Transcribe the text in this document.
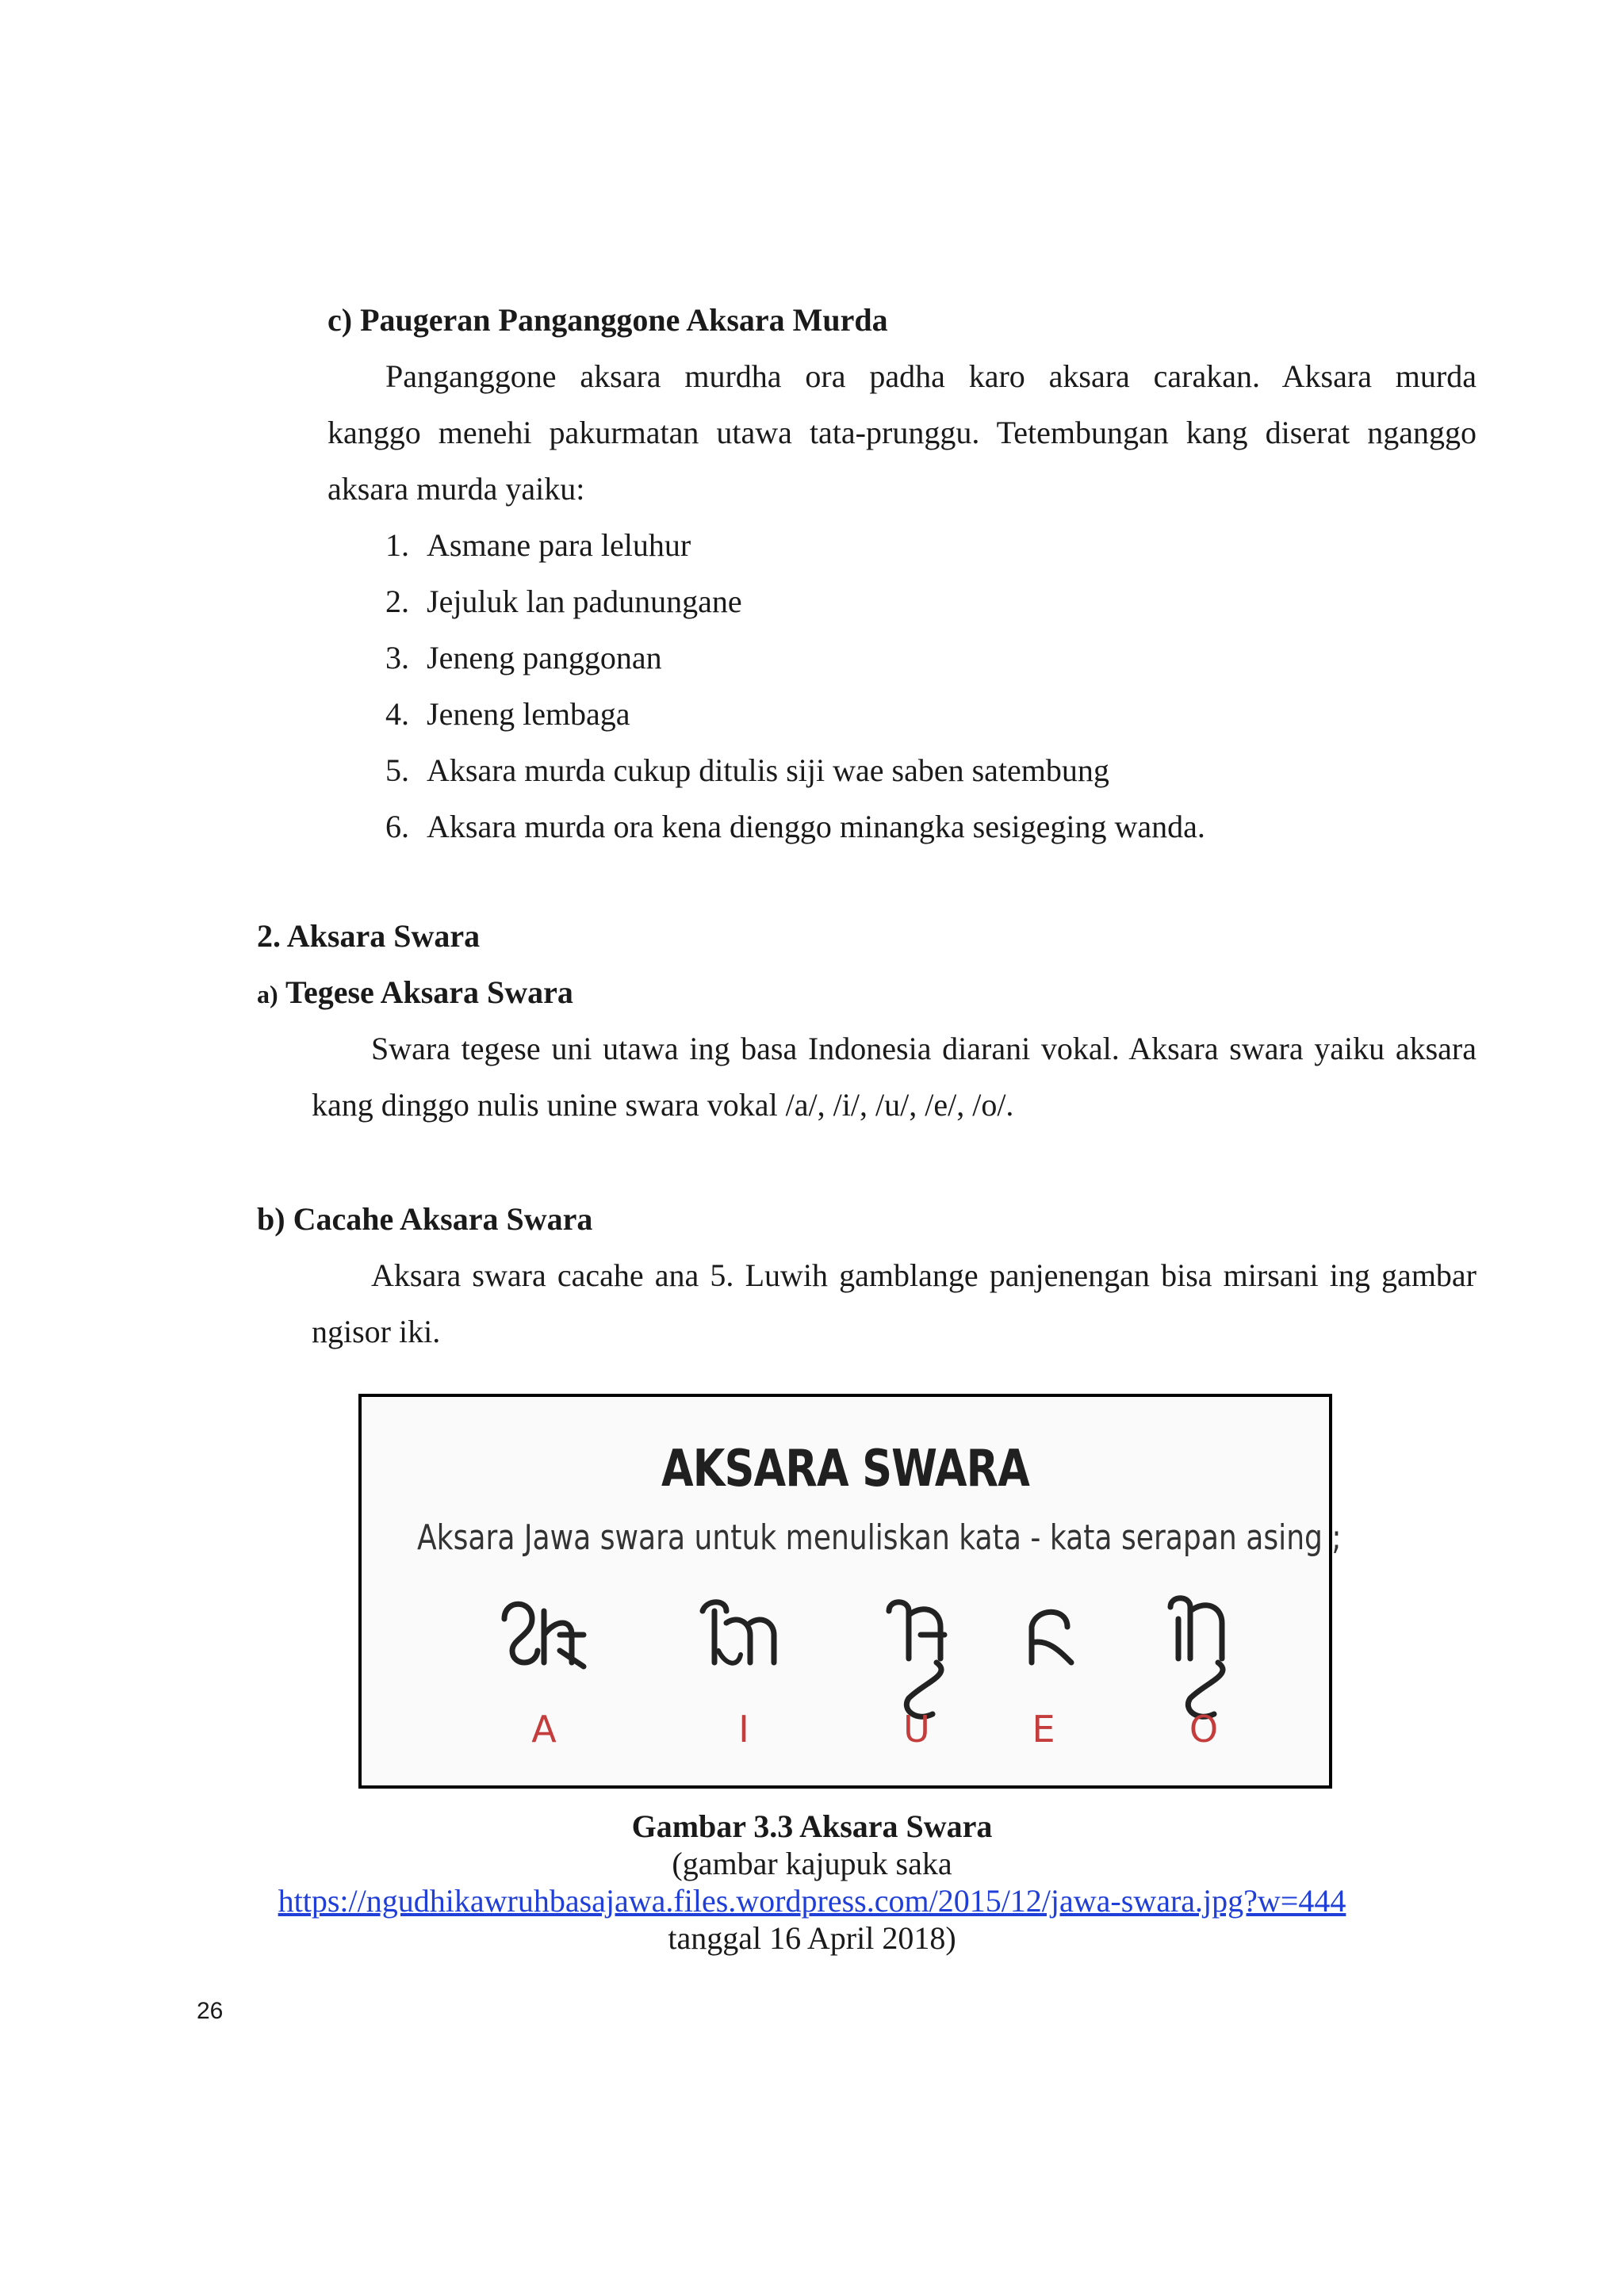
c) Paugeran Panganggone Aksara Murda
Panganggone aksara murdha ora padha karo aksara carakan. Aksara murda
kanggo menehi pakurmatan utawa tata-prunggu. Tetembungan kang diserat nganggo
aksara murda yaiku:
1. Asmane para leluhur
2. Jejuluk lan padunungane
3. Jeneng panggonan
4. Jeneng lembaga
5. Aksara murda cukup ditulis siji wae saben satembung
6. Aksara murda ora kena dienggo minangka sesigeging wanda.
2. Aksara Swara
a) Tegese Aksara Swara
Swara tegese uni utawa ing basa Indonesia diarani vokal. Aksara swara yaiku aksara
kang dinggo nulis unine swara vokal /a/, /i/, /u/, /e/, /o/.
b) Cacahe Aksara Swara
Aksara swara cacahe ana 5. Luwih gamblange panjenengan bisa mirsani ing gambar
ngisor iki.
AKSARA SWARA
Aksara Jawa swara untuk menuliskan kata - kata serapan asing ;
A	I	U	E	O
Gambar 3.3 Aksara Swara
(gambar kajupuk saka
https://ngudhikawruhbasajawa.files.wordpress.com/2015/12/jawa-swara.jpg?w=444
tanggal 16 April 2018)
26
